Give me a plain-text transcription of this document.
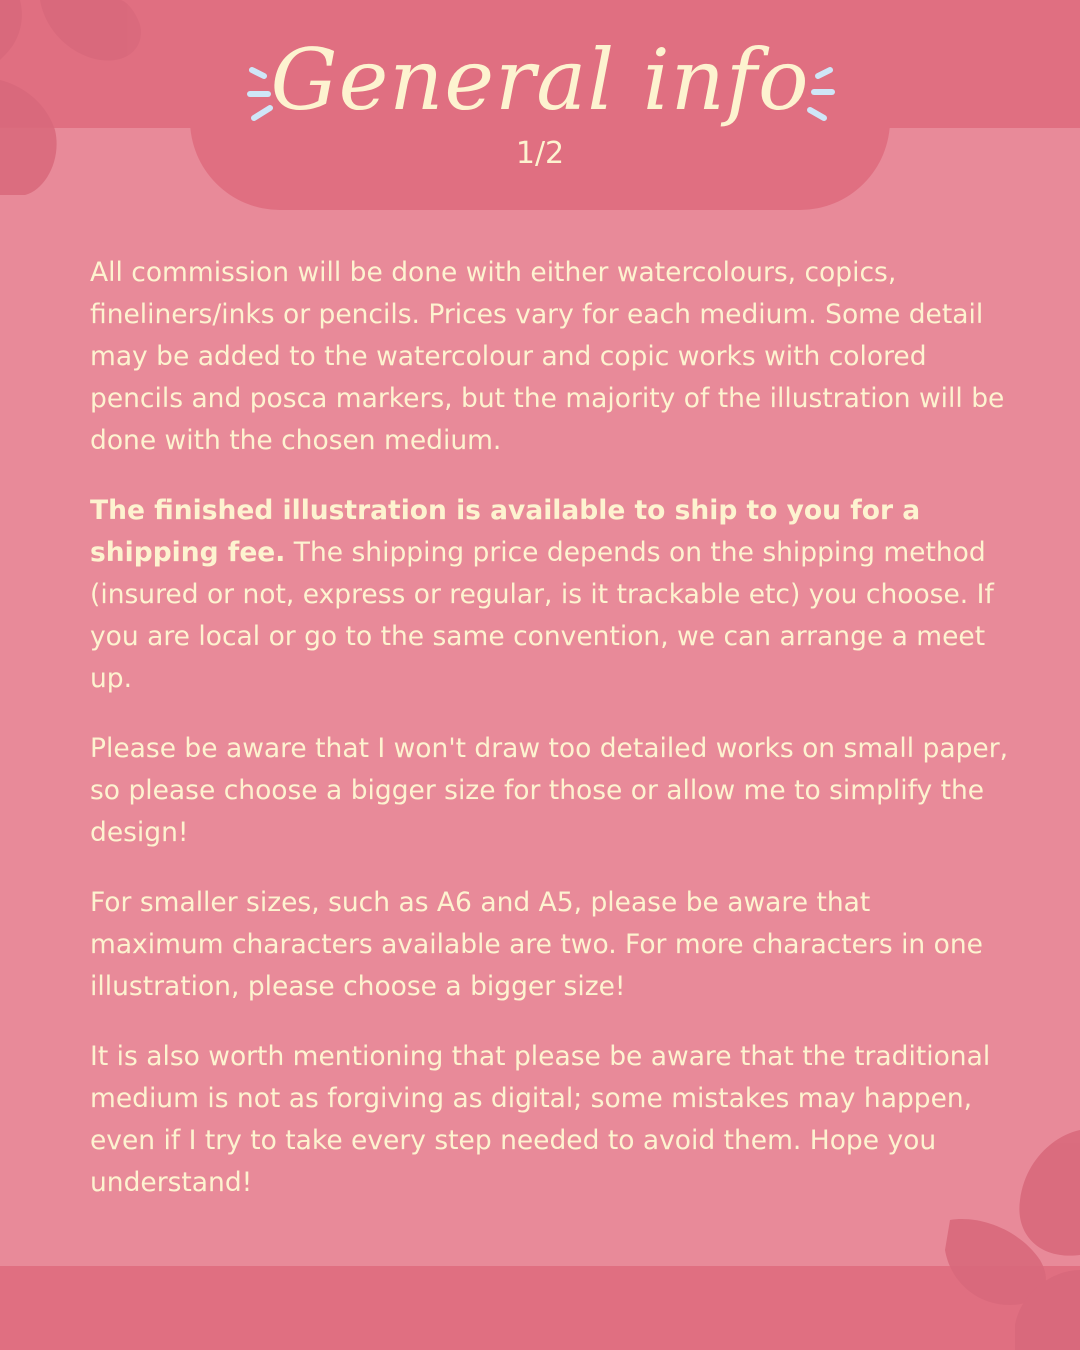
General info
1/2

All commission will be done with either watercolours, copics, fineliners/inks or pencils. Prices vary for each medium. Some detail may be added to the watercolour and copic works with colored pencils and posca markers, but the majority of the illustration will be done with the chosen medium.

The finished illustration is available to ship to you for a shipping fee. The shipping price depends on the shipping method (insured or not, express or regular, is it trackable etc) you choose. If you are local or go to the same convention, we can arrange a meet up.

Please be aware that I won't draw too detailed works on small paper, so please choose a bigger size for those or allow me to simplify the design!

For smaller sizes, such as A6 and A5, please be aware that maximum characters available are two. For more characters in one illustration, please choose a bigger size!

It is also worth mentioning that please be aware that the traditional medium is not as forgiving as digital; some mistakes may happen, even if I try to take every step needed to avoid them. Hope you understand!
